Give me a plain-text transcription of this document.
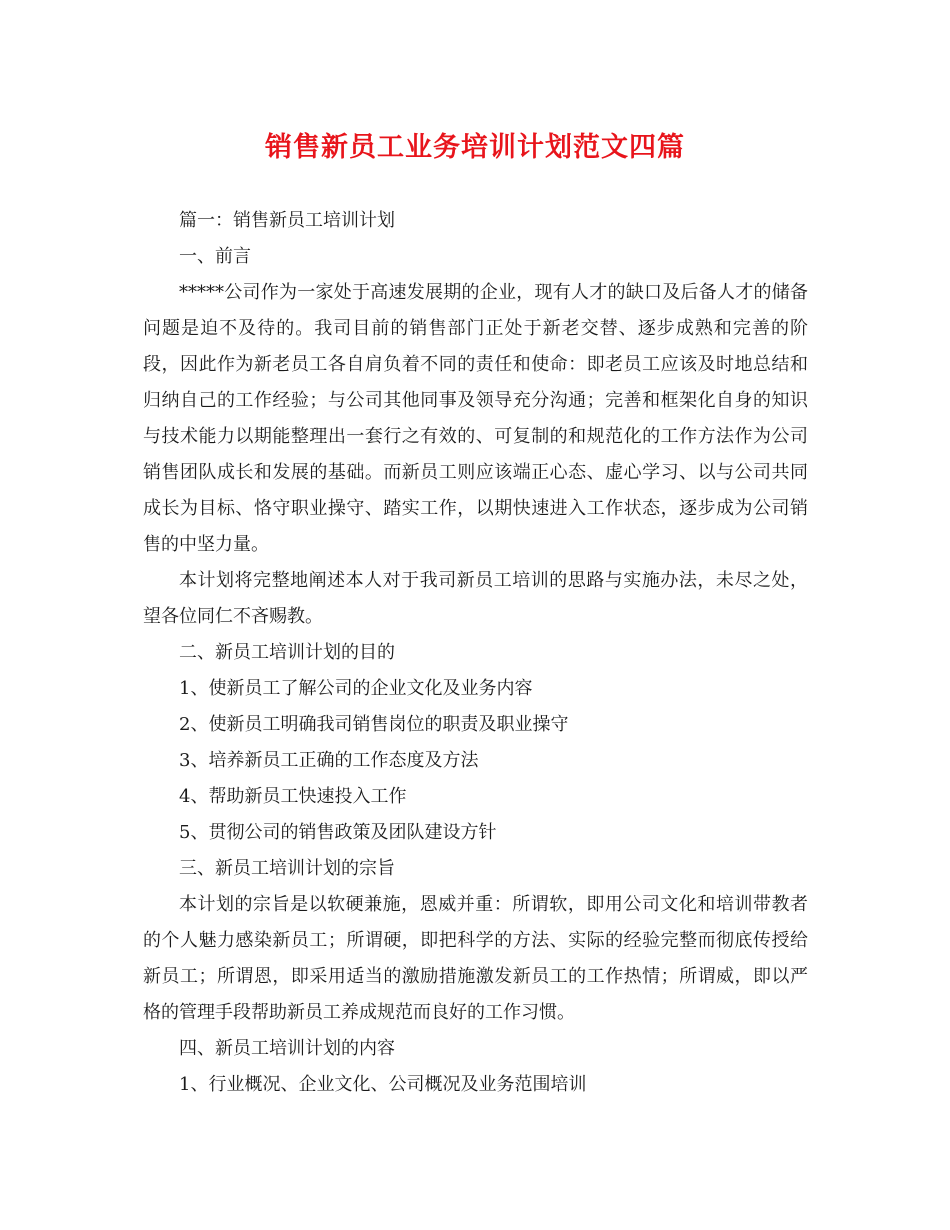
销售新员工业务培训计划范文四篇

篇一：销售新员工培训计划

一、前言

*****公司作为一家处于高速发展期的企业，现有人才的缺口及后备人才的储备问题是迫不及待的。我司目前的销售部门正处于新老交替、逐步成熟和完善的阶段，因此作为新老员工各自肩负着不同的责任和使命：即老员工应该及时地总结和归纳自己的工作经验；与公司其他同事及领导充分沟通；完善和框架化自身的知识与技术能力以期能整理出一套行之有效的、可复制的和规范化的工作方法作为公司销售团队成长和发展的基础。而新员工则应该端正心态、虚心学习、以与公司共同成长为目标、恪守职业操守、踏实工作，以期快速进入工作状态，逐步成为公司销售的中坚力量。

本计划将完整地阐述本人对于我司新员工培训的思路与实施办法，未尽之处，望各位同仁不吝赐教。

二、新员工培训计划的目的

1、使新员工了解公司的企业文化及业务内容

2、使新员工明确我司销售岗位的职责及职业操守

3、培养新员工正确的工作态度及方法

4、帮助新员工快速投入工作

5、贯彻公司的销售政策及团队建设方针

三、新员工培训计划的宗旨

本计划的宗旨是以软硬兼施，恩威并重：所谓软，即用公司文化和培训带教者的个人魅力感染新员工；所谓硬，即把科学的方法、实际的经验完整而彻底传授给新员工；所谓恩，即采用适当的激励措施激发新员工的工作热情；所谓威，即以严格的管理手段帮助新员工养成规范而良好的工作习惯。

四、新员工培训计划的内容

1、行业概况、企业文化、公司概况及业务范围培训
